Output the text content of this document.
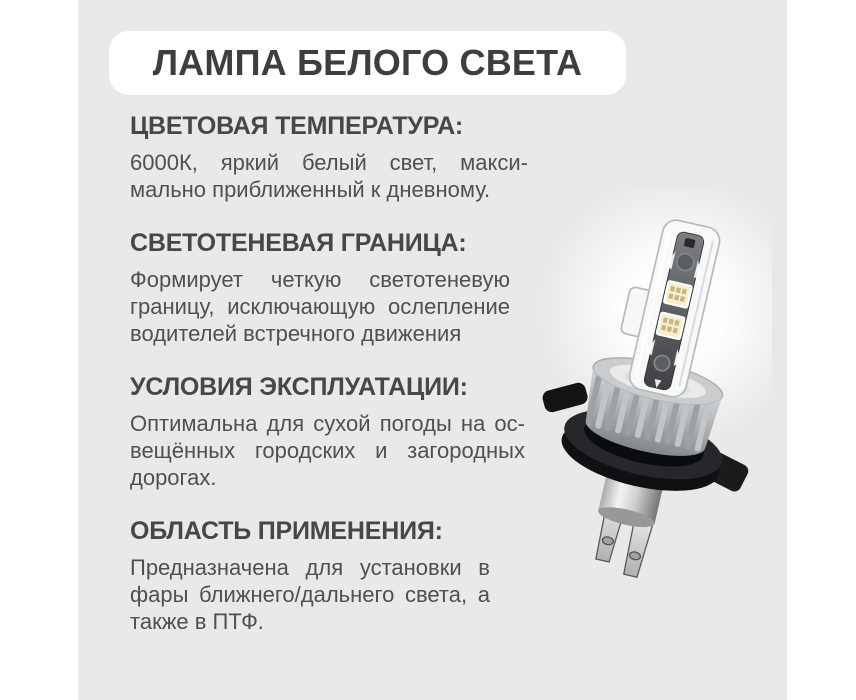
ЛАМПА БЕЛОГО СВЕТА
ЦВЕТОВАЯ ТЕМПЕРАТУРА:
6000К, яркий белый свет, макси-
мально приближенный к дневному.
СВЕТОТЕНЕВАЯ ГРАНИЦА:
Формирует четкую светотеневую
границу, исключающую ослепление
водителей встречного движения
УСЛОВИЯ ЭКСПЛУАТАЦИИ:
Оптимальна для сухой погоды на ос-
вещённых городских и загородных
дорогах.
ОБЛАСТЬ ПРИМЕНЕНИЯ:
Предназначена для установки в
фары ближнего/дальнего света, а
также в ПТФ.
